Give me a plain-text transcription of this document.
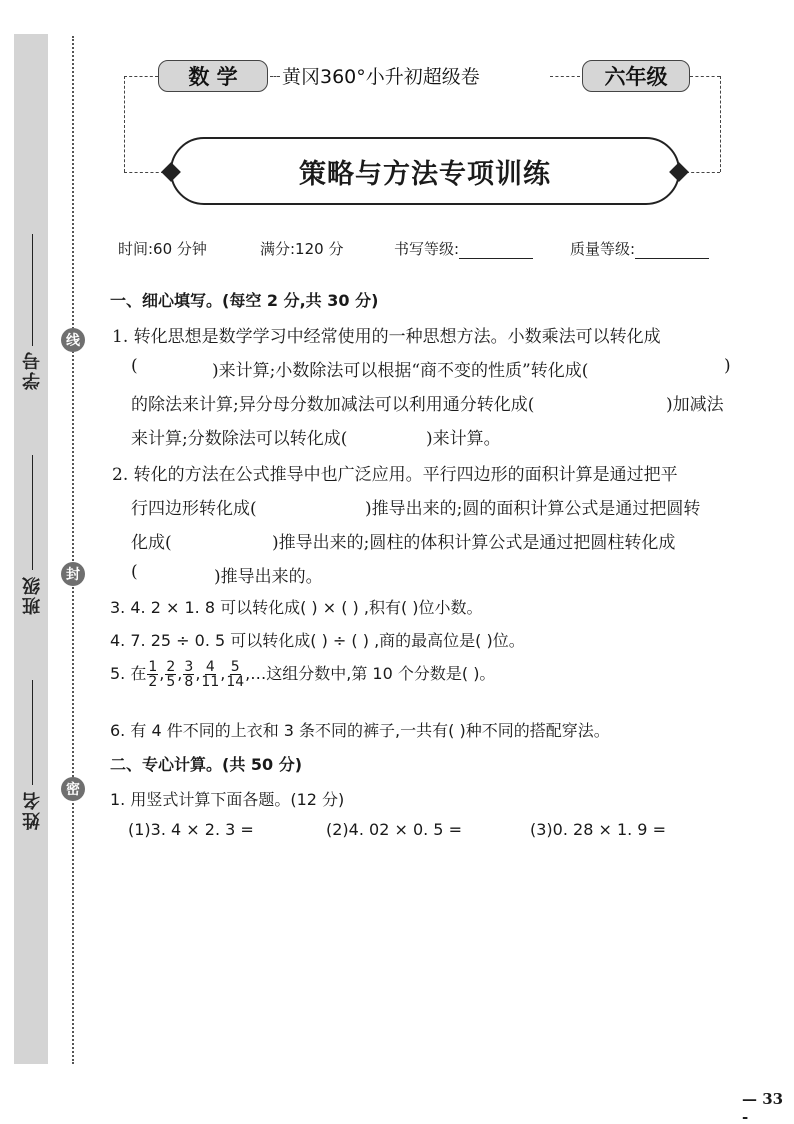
学号
班级
姓名
线
封
密
数 学	黄冈360°小升初超级卷	六年级
策略与方法专项训练
时间:60 分钟	满分:120 分	书写等级:	质量等级:
一、细心填写。(每空 2 分,共 30 分)
1. 转化思想是数学学习中经常使用的一种思想方法。小数乘法可以转化成
(	)来计算;小数除法可以根据“商不变的性质”转化成(	)
的除法来计算;异分母分数加减法可以利用通分转化成(	)加减法
来计算;分数除法可以转化成(	)来计算。
2. 转化的方法在公式推导中也广泛应用。平行四边形的面积计算是通过把平
行四边形转化成(	)推导出来的;圆的面积计算公式是通过把圆转
化成(	)推导出来的;圆柱的体积计算公式是通过把圆柱转化成
(	)推导出来的。
3. 4. 2 × 1. 8 可以转化成( ) × ( ) ,积有( )位小数。
4. 7. 25 ÷ 0. 5 可以转化成( ) ÷ ( ) ,商的最高位是( )位。
5. 在 $\frac{1}{2}$ , $\frac{2}{5}$ , $\frac{3}{8}$ , $\frac{4}{11}$ , $\frac{5}{14}$ ,…这组分数中,第 10 个分数是( )。
6. 有 4 件不同的上衣和 3 条不同的裤子,一共有( )种不同的搭配穿法。
二、专心计算。(共 50 分)
1. 用竖式计算下面各题。(12 分)
(1)3. 4 × 2. 3 =	(2)4. 02 × 0. 5 =	(3)0. 28 × 1. 9 =
— 33 -
